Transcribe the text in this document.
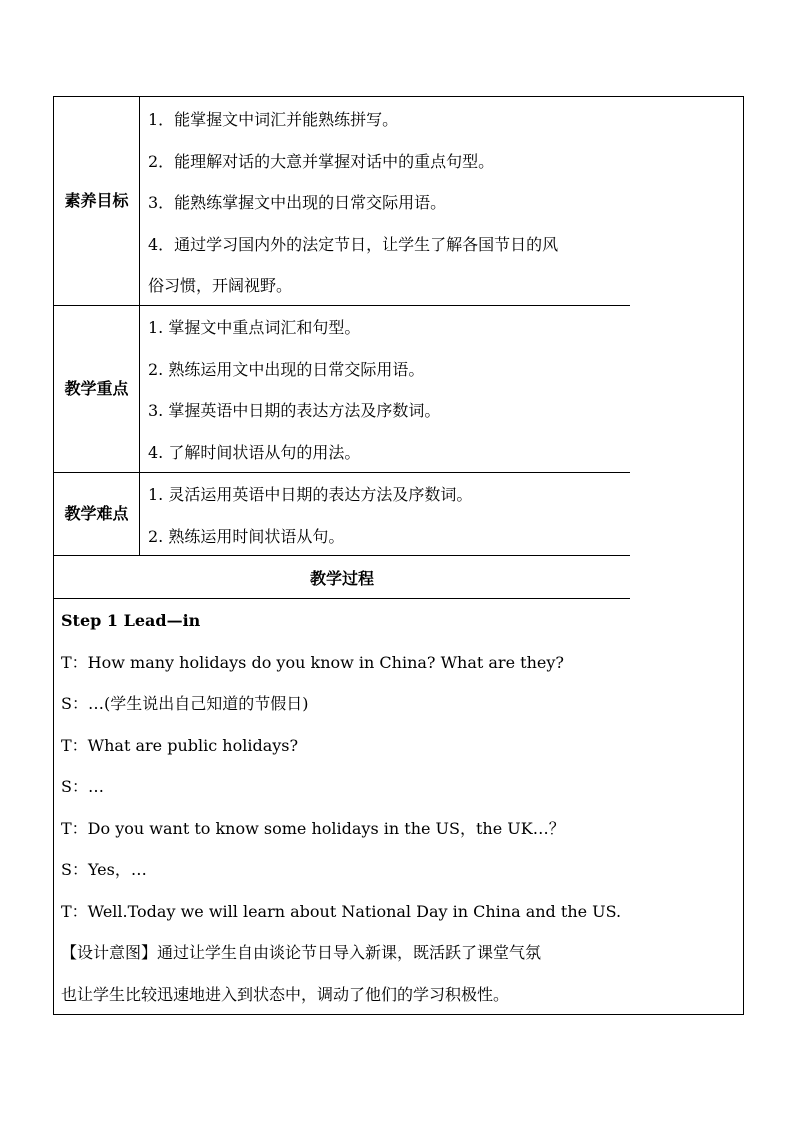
素养目标
1．能掌握文中词汇并能熟练拼写。
2．能理解对话的大意并掌握对话中的重点句型。
3．能熟练掌握文中出现的日常交际用语。
4．通过学习国内外的法定节日，让学生了解各国节日的风
俗习惯，开阔视野。
教学重点
1. 掌握文中重点词汇和句型。
2. 熟练运用文中出现的日常交际用语。
3. 掌握英语中日期的表达方法及序数词。
4. 了解时间状语从句的用法。
教学难点
1. 灵活运用英语中日期的表达方法及序数词。
2. 熟练运用时间状语从句。
教学过程
Step 1 Lead—in
T：How many holidays do you know in China? What are they?
S：…(学生说出自己知道的节假日)
T：What are public holidays?
S：…
T：Do you want to know some holidays in the US，the UK…？
S：Yes，…
T：Well.Today we will learn about National Day in China and the US.
【设计意图】通过让学生自由谈论节日导入新课，既活跃了课堂气氛
也让学生比较迅速地进入到状态中，调动了他们的学习积极性。
